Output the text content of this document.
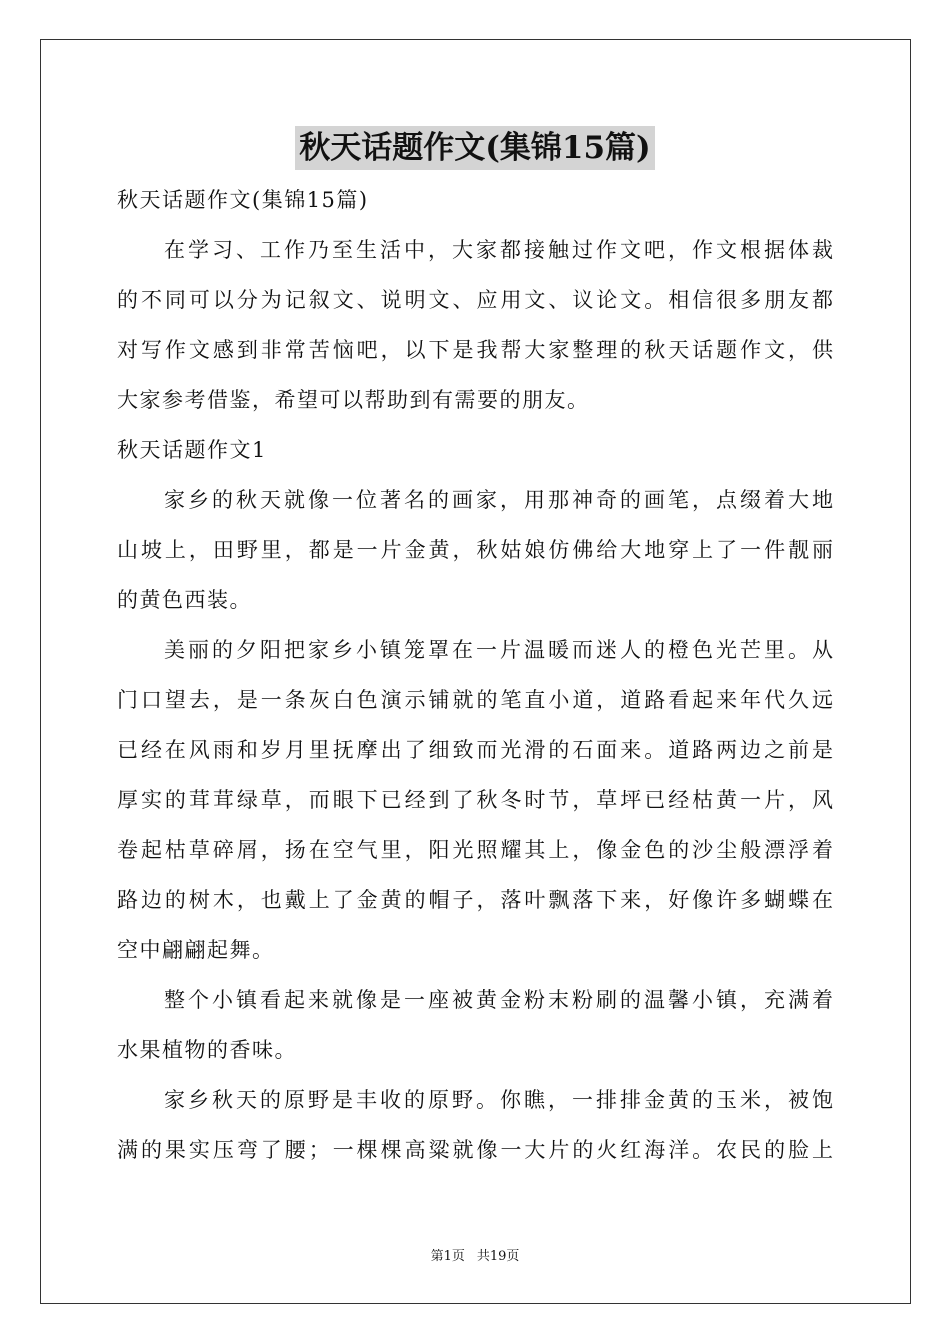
秋天话题作文(集锦15篇)
秋天话题作文(集锦15篇)
在学习、工作乃至生活中，大家都接触过作文吧，作文根据体裁
的不同可以分为记叙文、说明文、应用文、议论文。相信很多朋友都
对写作文感到非常苦恼吧，以下是我帮大家整理的秋天话题作文，供
大家参考借鉴，希望可以帮助到有需要的朋友。
秋天话题作文1
家乡的秋天就像一位著名的画家，用那神奇的画笔，点缀着大地
山坡上，田野里，都是一片金黄，秋姑娘仿佛给大地穿上了一件靓丽
的黄色西装。
美丽的夕阳把家乡小镇笼罩在一片温暖而迷人的橙色光芒里。从
门口望去，是一条灰白色演示铺就的笔直小道，道路看起来年代久远
已经在风雨和岁月里抚摩出了细致而光滑的石面来。道路两边之前是
厚实的茸茸绿草，而眼下已经到了秋冬时节，草坪已经枯黄一片，风
卷起枯草碎屑，扬在空气里，阳光照耀其上，像金色的沙尘般漂浮着
路边的树木，也戴上了金黄的帽子，落叶飘落下来，好像许多蝴蝶在
空中翩翩起舞。
整个小镇看起来就像是一座被黄金粉末粉刷的温馨小镇，充满着
水果植物的香味。
家乡秋天的原野是丰收的原野。你瞧，一排排金黄的玉米，被饱
满的果实压弯了腰；一棵棵高粱就像一大片的火红海洋。农民的脸上
第1页 共19页
